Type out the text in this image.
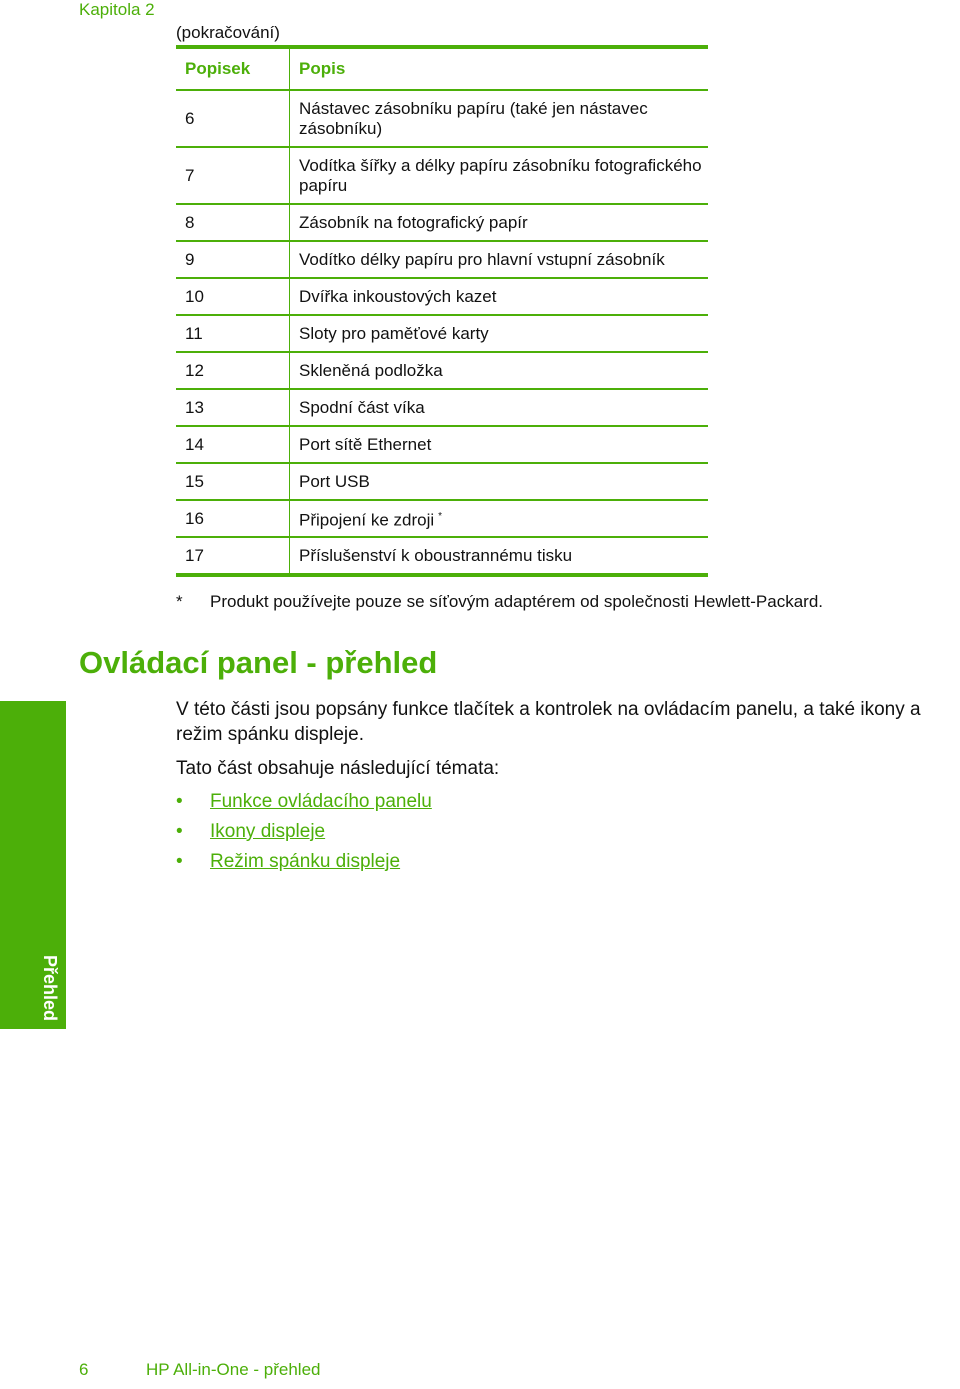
Kapitola 2
(pokračování)
Popisek	Popis
6	Nástavec zásobníku papíru (také jen nástavec zásobníku)
7	Vodítka šířky a délky papíru zásobníku fotografického papíru
8	Zásobník na fotografický papír
9	Vodítko délky papíru pro hlavní vstupní zásobník
10	Dvířka inkoustových kazet
11	Sloty pro paměťové karty
12	Skleněná podložka
13	Spodní část víka
14	Port sítě Ethernet
15	Port USB
16	Připojení ke zdroji *
17	Příslušenství k oboustrannému tisku
* Produkt používejte pouze se síťovým adaptérem od společnosti Hewlett-Packard.
Ovládací panel - přehled
Přehled

V této části jsou popsány funkce tlačítek a kontrolek na ovládacím panelu, a také ikony a režim spánku displeje.

Tato část obsahuje následující témata:

• Funkce ovládacího panelu
• Ikony displeje
• Režim spánku displeje
6	HP All-in-One - přehled
